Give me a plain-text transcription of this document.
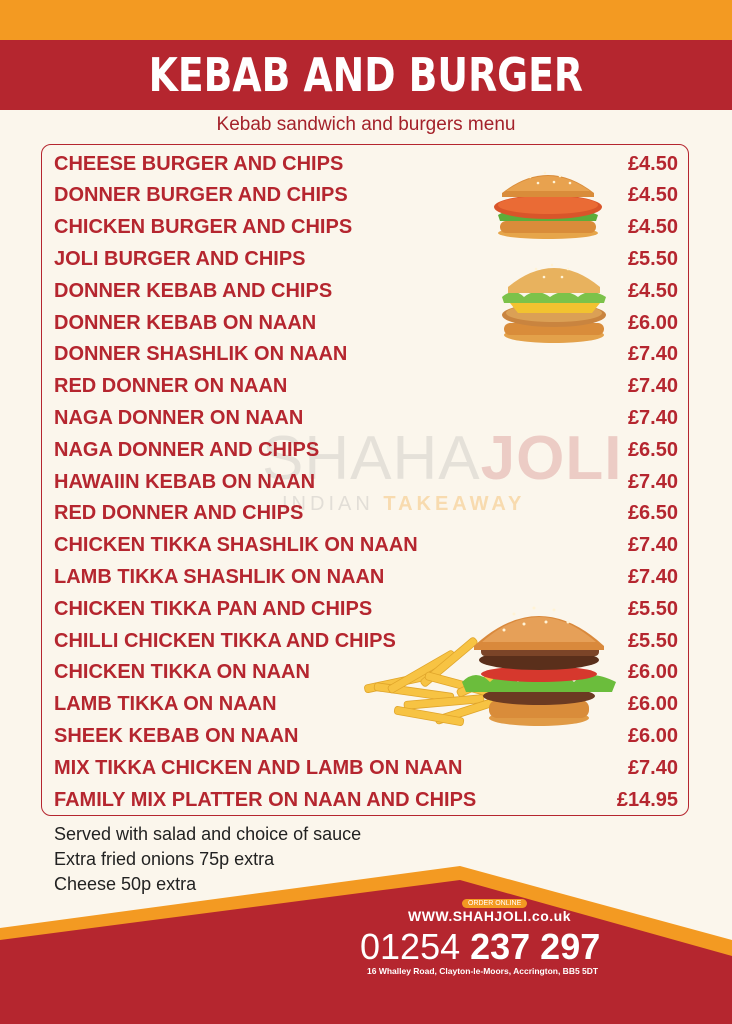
KEBAB AND BURGER
Kebab sandwich and burgers menu
SHAHAJOLI
INDIAN TAKEAWAY
CHEESE BURGER AND CHIPS	£4.50
DONNER BURGER AND CHIPS	£4.50
CHICKEN BURGER AND CHIPS	£4.50
JOLI BURGER AND CHIPS	£5.50
DONNER KEBAB AND CHIPS	£4.50
DONNER KEBAB ON NAAN	£6.00
DONNER SHASHLIK ON NAAN	£7.40
RED DONNER ON NAAN	£7.40
NAGA DONNER ON NAAN	£7.40
NAGA DONNER AND CHIPS	£6.50
HAWAIIN KEBAB ON NAAN	£7.40
RED DONNER AND CHIPS	£6.50
CHICKEN TIKKA SHASHLIK ON NAAN	£7.40
LAMB TIKKA SHASHLIK ON NAAN	£7.40
CHICKEN TIKKA PAN AND CHIPS	£5.50
CHILLI CHICKEN TIKKA AND CHIPS	£5.50
CHICKEN TIKKA ON NAAN	£6.00
LAMB TIKKA ON NAAN	£6.00
SHEEK KEBAB ON NAAN	£6.00
MIX TIKKA CHICKEN AND LAMB ON NAAN	£7.40
FAMILY MIX PLATTER ON NAAN AND CHIPS	£14.95
Served with salad and choice of sauce
Extra fried onions 75p extra
Cheese 50p extra
ORDER ONLINE
WWW.SHAHJOLI.co.uk
01254 237 297
16 Whalley Road, Clayton-le-Moors, Accrington, BB5 5DT
